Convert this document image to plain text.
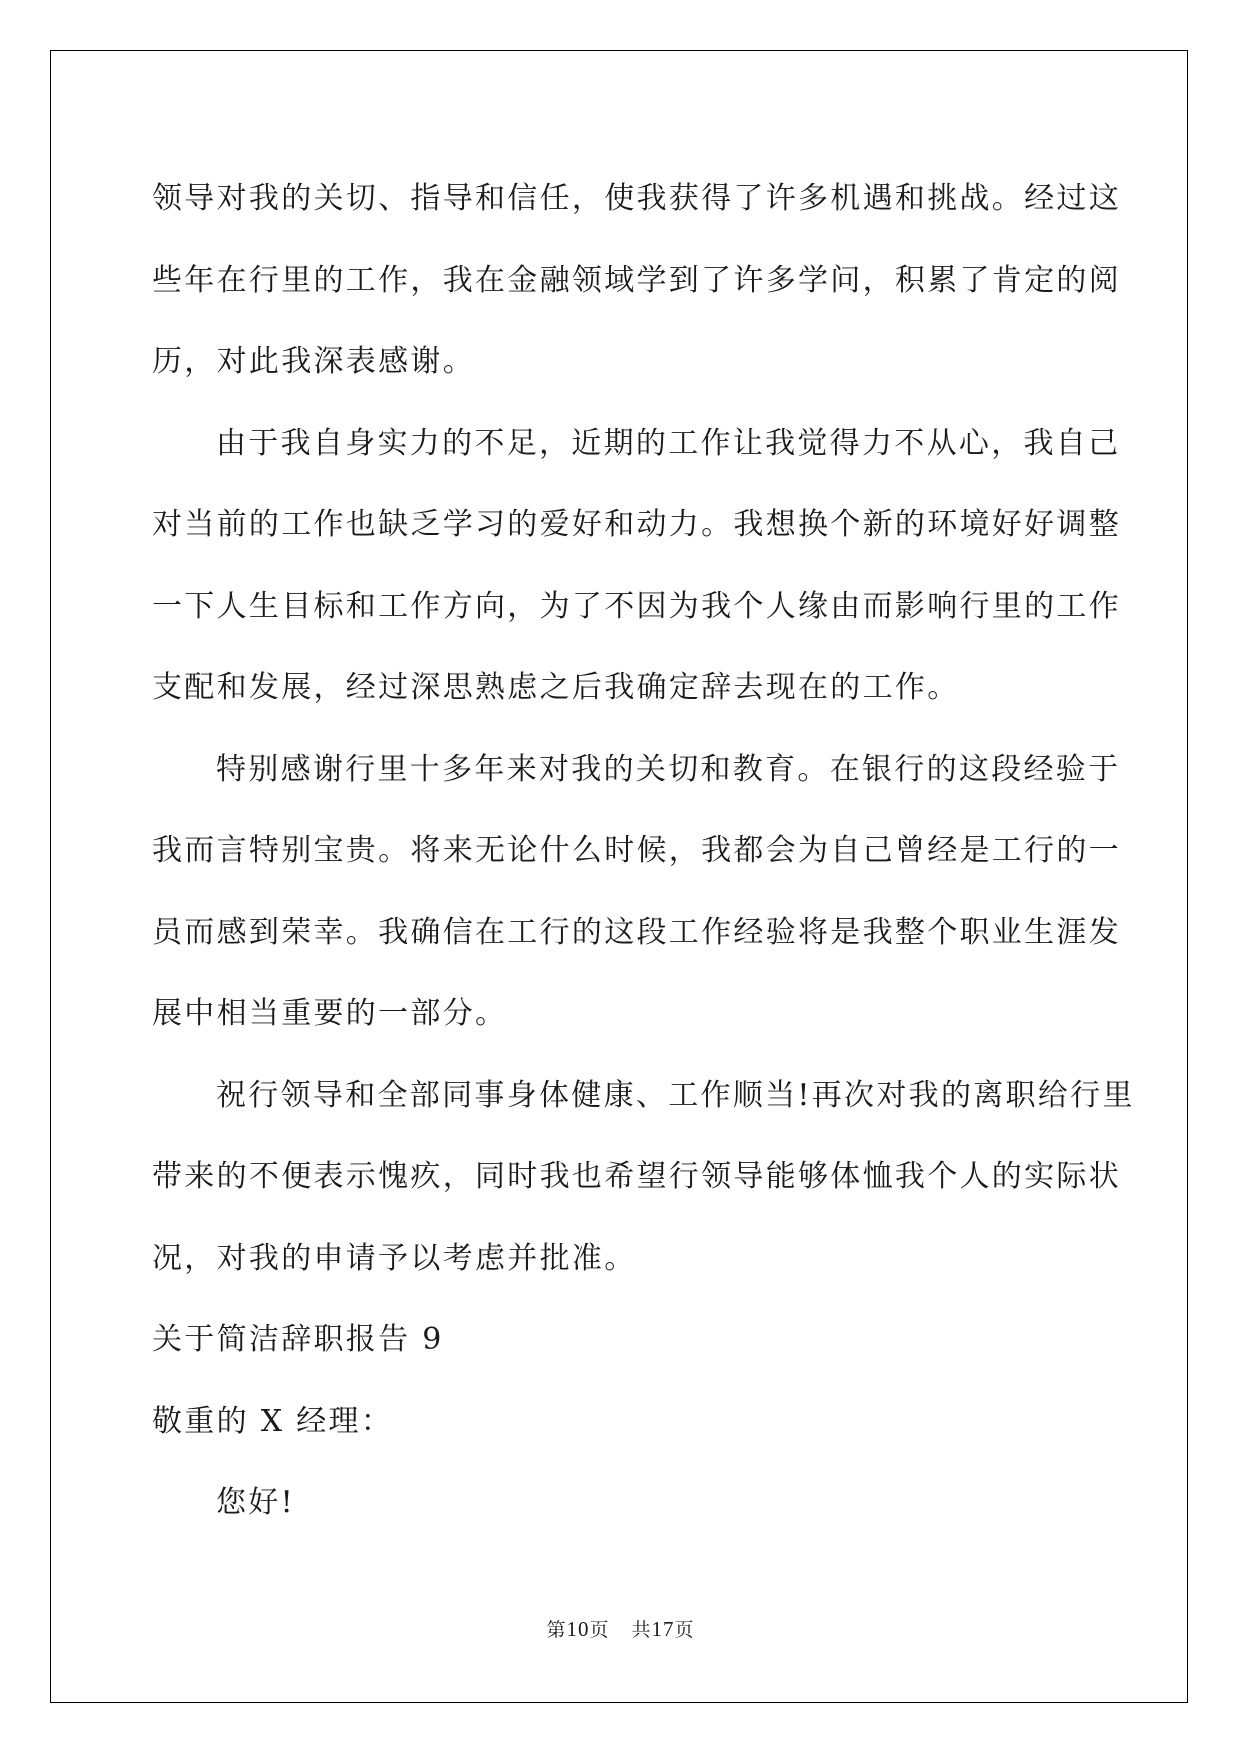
领导对我的关切、指导和信任，使我获得了许多机遇和挑战。经过这
些年在行里的工作，我在金融领域学到了许多学问，积累了肯定的阅
历，对此我深表感谢。

由于我自身实力的不足，近期的工作让我觉得力不从心，我自己
对当前的工作也缺乏学习的爱好和动力。我想换个新的环境好好调整
一下人生目标和工作方向，为了不因为我个人缘由而影响行里的工作
支配和发展，经过深思熟虑之后我确定辞去现在的工作。

特别感谢行里十多年来对我的关切和教育。在银行的这段经验于
我而言特别宝贵。将来无论什么时候，我都会为自己曾经是工行的一
员而感到荣幸。我确信在工行的这段工作经验将是我整个职业生涯发
展中相当重要的一部分。

祝行领导和全部同事身体健康、工作顺当!再次对我的离职给行里
带来的不便表示愧疚，同时我也希望行领导能够体恤我个人的实际状
况，对我的申请予以考虑并批准。

关于简洁辞职报告 9

敬重的 X 经理：

您好!

第10页 共17页
